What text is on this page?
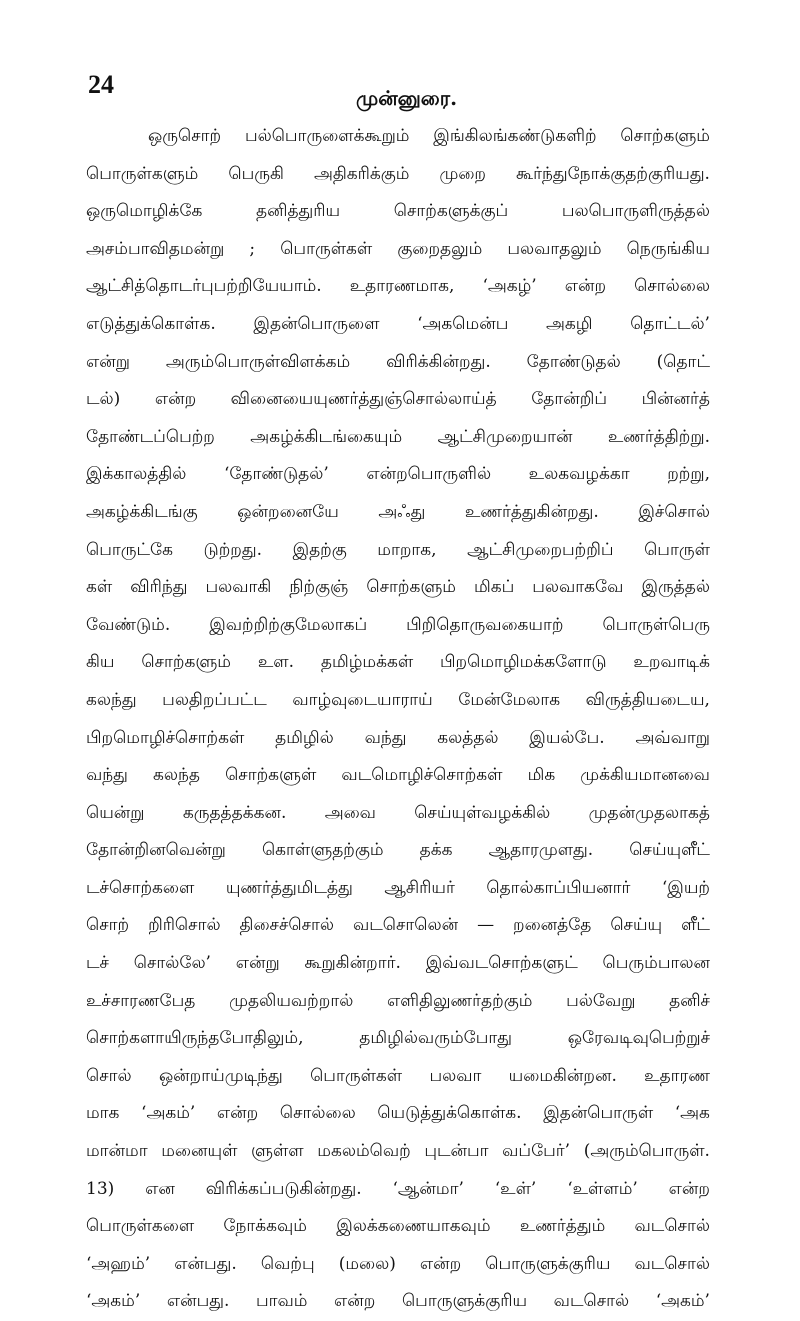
24	முன்னுரை.
ஒருசொற் பல்பொருளைக்கூறும் இங்கிலங்கண்டுகளிற் சொற்களும்
பொருள்களும் பெருகி அதிகரிக்கும் முறை கூர்ந்துநோக்குதற்குரியது.
ஒருமொழிக்கே	தனித்துரிய	சொற்களுக்குப்	பலபொருளிருத்தல்
அசம்பாவிதமன்று ; பொருள்கள் குறைதலும் பலவாதலும் நெருங்கிய
ஆட்சித்தொடர்புபற்றியேயாம். உதாரணமாக, ‘அகழ்’ என்ற சொல்லை
எடுத்துக்கொள்க. இதன்பொருளை ‘அகமென்ப அகழி தொட்டல்’
என்று அரும்பொருள்விளக்கம் விரிக்கின்றது. தோண்டுதல் (தொட்
டல்) என்ற வினையையுணர்த்துஞ்சொல்லாய்த் தோன்றிப் பின்னர்த்
தோண்டப்பெற்ற அகழ்க்கிடங்கையும் ஆட்சிமுறையான் உணர்த்திற்று.
இக்காலத்தில் ‘தோண்டுதல்’ என்றபொருளில் உலகவழக்கா றற்று,
அகழ்க்கிடங்கு ஒன்றனையே அஃது உணர்த்துகின்றது. இச்சொல்
பொருட்கே டுற்றது. இதற்கு மாறாக, ஆட்சிமுறைபற்றிப் பொருள்
கள் விரிந்து பலவாகி நிற்குஞ் சொற்களும் மிகப் பலவாகவே இருத்தல்
வேண்டும். இவற்றிற்குமேலாகப் பிறிதொருவகையாற் பொருள்பெரு
கிய சொற்களும் உள. தமிழ்மக்கள் பிறமொழிமக்களோடு உறவாடிக்
கலந்து பலதிறப்பட்ட வாழ்வுடையாராய் மேன்மேலாக விருத்தியடைய,
பிறமொழிச்சொற்கள் தமிழில் வந்து கலத்தல் இயல்பே. அவ்வாறு
வந்து கலந்த சொற்களுள் வடமொழிச்சொற்கள் மிக முக்கியமானவை
யென்று கருதத்தக்கன. அவை செய்யுள்வழக்கில் முதன்முதலாகத்
தோன்றினவென்று கொள்ளுதற்கும் தக்க ஆதாரமுளது. செய்யுளீட்
டச்சொற்களை யுணர்த்துமிடத்து ஆசிரியர் தொல்காப்பியனார் ‘இயற்
சொற் றிரிசொல் திசைச்சொல் வடசொலென் — றனைத்தே செய்யு ளீட்
டச் சொல்லே’ என்று கூறுகின்றார். இவ்வடசொற்களுட் பெரும்பாலன
உச்சாரணபேத முதலியவற்றால் எளிதிலுணர்தற்கும் பல்வேறு தனிச்
சொற்களாயிருந்தபோதிலும்,	தமிழில்வரும்போது	ஒரேவடிவுபெற்றுச்
சொல் ஒன்றாய்முடிந்து பொருள்கள் பலவா யமைகின்றன. உதாரண
மாக ‘அகம்’ என்ற சொல்லை யெடுத்துக்கொள்க. இதன்பொருள் ‘அக
மான்மா மனையுள் ளுள்ள மகலம்வெற் புடன்பா வப்பேர்’ (அரும்பொருள்.
13) என விரிக்கப்படுகின்றது. ‘ஆன்மா’ ‘உள்’ ‘உள்ளம்’ என்ற
பொருள்களை நோக்கவும் இலக்கணையாகவும் உணர்த்தும் வடசொல்
‘அஹம்’ என்பது. வெற்பு (மலை) என்ற பொருளுக்குரிய வடசொல்
‘அகம்’ என்பது. பாவம் என்ற பொருளுக்குரிய வடசொல் ‘அகம்’
